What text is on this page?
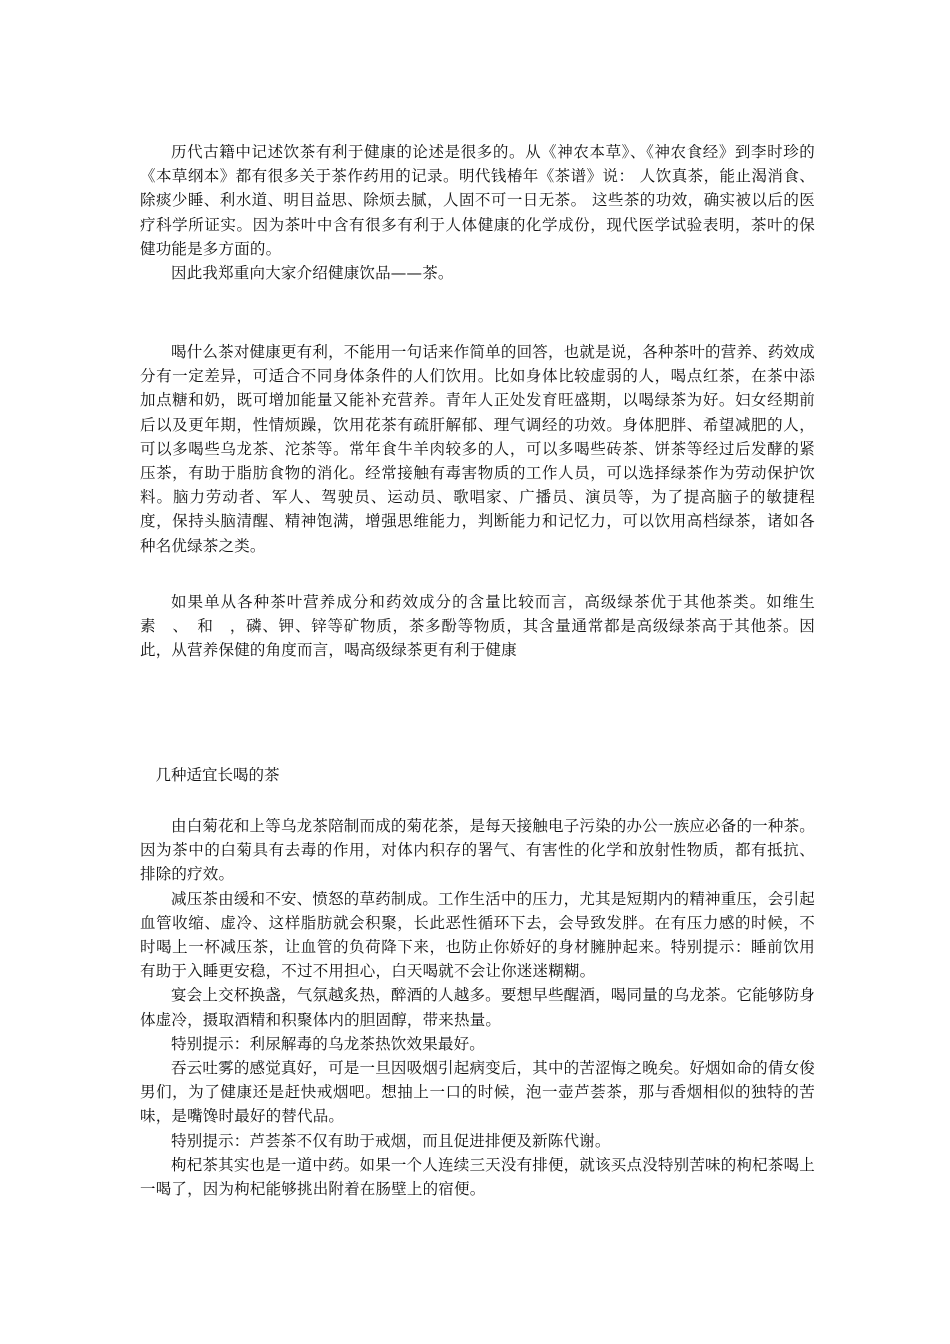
历代古籍中记述饮茶有利于健康的论述是很多的。从《神农本草》、《神农食经》到李时珍的《本草纲本》都有很多关于茶作药用的记录。明代钱椿年《茶谱》说： 人饮真茶，能止渴消食、除痰少睡、利水道、明目益思、除烦去腻，人固不可一日无茶。 这些茶的功效，确实被以后的医疗科学所证实。因为茶叶中含有很多有利于人体健康的化学成份，现代医学试验表明，茶叶的保健功能是多方面的。

因此我郑重向大家介绍健康饮品——茶。

喝什么茶对健康更有利，不能用一句话来作简单的回答，也就是说，各种茶叶的营养、药效成分有一定差异，可适合不同身体条件的人们饮用。比如身体比较虚弱的人，喝点红茶，在茶中添加点糖和奶，既可增加能量又能补充营养。青年人正处发育旺盛期，以喝绿茶为好。妇女经期前后以及更年期，性情烦躁，饮用花茶有疏肝解郁、理气调经的功效。身体肥胖、希望减肥的人，可以多喝些乌龙茶、沱茶等。常年食牛羊肉较多的人，可以多喝些砖茶、饼茶等经过后发酵的紧压茶，有助于脂肪食物的消化。经常接触有毒害物质的工作人员，可以选择绿茶作为劳动保护饮料。脑力劳动者、军人、驾驶员、运动员、歌唱家、广播员、演员等，为了提高脑子的敏捷程度，保持头脑清醒、精神饱满，增强思维能力，判断能力和记忆力，可以饮用高档绿茶，诸如各种名优绿茶之类。

如果单从各种茶叶营养成分和药效成分的含量比较而言，高级绿茶优于其他茶类。如维生素　、　和　，磷、钾、锌等矿物质，茶多酚等物质，其含量通常都是高级绿茶高于其他茶。因此，从营养保健的角度而言，喝高级绿茶更有利于健康

几种适宜长喝的茶

由白菊花和上等乌龙茶陪制而成的菊花茶，是每天接触电子污染的办公一族应必备的一种茶。因为茶中的白菊具有去毒的作用，对体内积存的署气、有害性的化学和放射性物质，都有抵抗、排除的疗效。

减压茶由缓和不安、愤怒的草药制成。工作生活中的压力，尤其是短期内的精神重压，会引起血管收缩、虚冷、这样脂肪就会积聚，长此恶性循环下去，会导致发胖。在有压力感的时候，不时喝上一杯减压茶，让血管的负荷降下来，也防止你娇好的身材臃肿起来。特别提示：睡前饮用有助于入睡更安稳，不过不用担心，白天喝就不会让你迷迷糊糊。

宴会上交杯换盏，气氛越炙热，醉酒的人越多。要想早些醒酒，喝同量的乌龙茶。它能够防身体虚冷，摄取酒精和积聚体内的胆固醇，带来热量。

特别提示：利尿解毒的乌龙茶热饮效果最好。

吞云吐雾的感觉真好，可是一旦因吸烟引起病变后，其中的苦涩悔之晚矣。好烟如命的倩女俊男们，为了健康还是赶快戒烟吧。想抽上一口的时候，泡一壶芦荟茶，那与香烟相似的独特的苦味，是嘴馋时最好的替代品。

特别提示：芦荟茶不仅有助于戒烟，而且促进排便及新陈代谢。

枸杞茶其实也是一道中药。如果一个人连续三天没有排便，就该买点没特别苦味的枸杞茶喝上一喝了，因为枸杞能够挑出附着在肠壁上的宿便。
